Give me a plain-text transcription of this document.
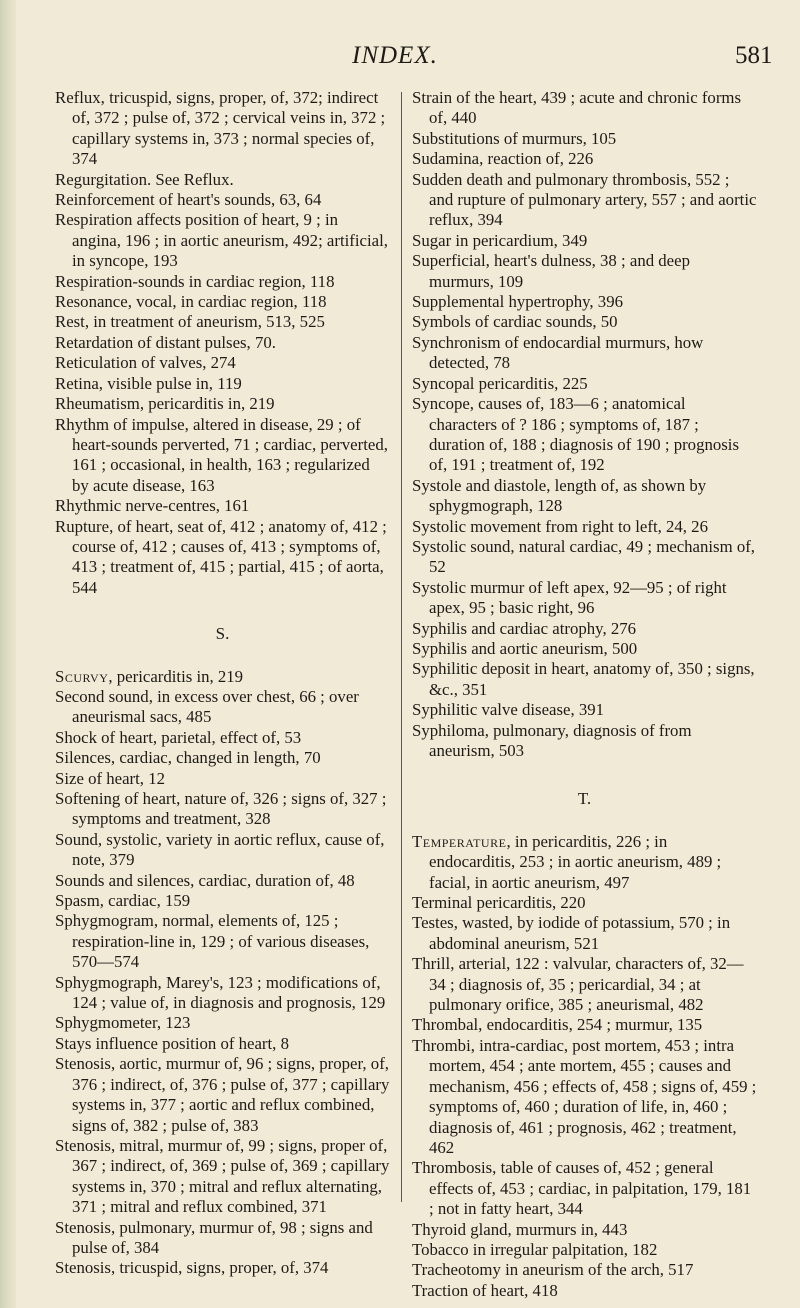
INDEX.	581
Reflux, tricuspid, signs, proper, of, 372; indirect of, 372 ; pulse of, 372 ; cervical veins in, 372 ; capillary systems in, 373 ; normal species of, 374
Regurgitation. See Reflux.
Reinforcement of heart's sounds, 63, 64
Respiration affects position of heart, 9 ; in angina, 196 ; in aortic aneurism, 492; artificial, in syncope, 193
Respiration-sounds in cardiac region, 118
Resonance, vocal, in cardiac region, 118
Rest, in treatment of aneurism, 513, 525
Retardation of distant pulses, 70.
Reticulation of valves, 274
Retina, visible pulse in, 119
Rheumatism, pericarditis in, 219
Rhythm of impulse, altered in disease, 29 ; of heart-sounds perverted, 71 ; cardiac, perverted, 161 ; occasional, in health, 163 ; regularized by acute disease, 163
Rhythmic nerve-centres, 161
Rupture, of heart, seat of, 412 ; anatomy of, 412 ; course of, 412 ; causes of, 413 ; symptoms of, 413 ; treatment of, 415 ; partial, 415 ; of aorta, 544
S.
Scurvy, pericarditis in, 219
Second sound, in excess over chest, 66 ; over aneurismal sacs, 485
Shock of heart, parietal, effect of, 53
Silences, cardiac, changed in length, 70
Size of heart, 12
Softening of heart, nature of, 326 ; signs of, 327 ; symptoms and treatment, 328
Sound, systolic, variety in aortic reflux, cause of, note, 379
Sounds and silences, cardiac, duration of, 48
Spasm, cardiac, 159
Sphygmogram, normal, elements of, 125 ; respiration-line in, 129 ; of various diseases, 570—574
Sphygmograph, Marey's, 123 ; modifications of, 124 ; value of, in diagnosis and prognosis, 129
Sphygmometer, 123
Stays influence position of heart, 8
Stenosis, aortic, murmur of, 96 ; signs, proper, of, 376 ; indirect, of, 376 ; pulse of, 377 ; capillary systems in, 377 ; aortic and reflux combined, signs of, 382 ; pulse of, 383
Stenosis, mitral, murmur of, 99 ; signs, proper of, 367 ; indirect, of, 369 ; pulse of, 369 ; capillary systems in, 370 ; mitral and reflux alternating, 371 ; mitral and reflux combined, 371
Stenosis, pulmonary, murmur of, 98 ; signs and pulse of, 384
Stenosis, tricuspid, signs, proper, of, 374
Strain of the heart, 439 ; acute and chronic forms of, 440
Substitutions of murmurs, 105
Sudamina, reaction of, 226
Sudden death and pulmonary thrombosis, 552 ; and rupture of pulmonary artery, 557 ; and aortic reflux, 394
Sugar in pericardium, 349
Superficial, heart's dulness, 38 ; and deep murmurs, 109
Supplemental hypertrophy, 396
Symbols of cardiac sounds, 50
Synchronism of endocardial murmurs, how detected, 78
Syncopal pericarditis, 225
Syncope, causes of, 183—6 ; anatomical characters of ? 186 ; symptoms of, 187 ; duration of, 188 ; diagnosis of 190 ; prognosis of, 191 ; treatment of, 192
Systole and diastole, length of, as shown by sphygmograph, 128
Systolic movement from right to left, 24, 26
Systolic sound, natural cardiac, 49 ; mechanism of, 52
Systolic murmur of left apex, 92—95 ; of right apex, 95 ; basic right, 96
Syphilis and cardiac atrophy, 276
Syphilis and aortic aneurism, 500
Syphilitic deposit in heart, anatomy of, 350 ; signs, &c., 351
Syphilitic valve disease, 391
Syphiloma, pulmonary, diagnosis of from aneurism, 503
T.
Temperature, in pericarditis, 226 ; in endocarditis, 253 ; in aortic aneurism, 489 ; facial, in aortic aneurism, 497
Terminal pericarditis, 220
Testes, wasted, by iodide of potassium, 570 ; in abdominal aneurism, 521
Thrill, arterial, 122 : valvular, characters of, 32—34 ; diagnosis of, 35 ; pericardial, 34 ; at pulmonary orifice, 385 ; aneurismal, 482
Thrombal, endocarditis, 254 ; murmur, 135
Thrombi, intra-cardiac, post mortem, 453 ; intra mortem, 454 ; ante mortem, 455 ; causes and mechanism, 456 ; effects of, 458 ; signs of, 459 ; symptoms of, 460 ; duration of life, in, 460 ; diagnosis of, 461 ; prognosis, 462 ; treatment, 462
Thrombosis, table of causes of, 452 ; general effects of, 453 ; cardiac, in palpitation, 179, 181 ; not in fatty heart, 344
Thyroid gland, murmurs in, 443
Tobacco in irregular palpitation, 182
Tracheotomy in aneurism of the arch, 517
Traction of heart, 418
